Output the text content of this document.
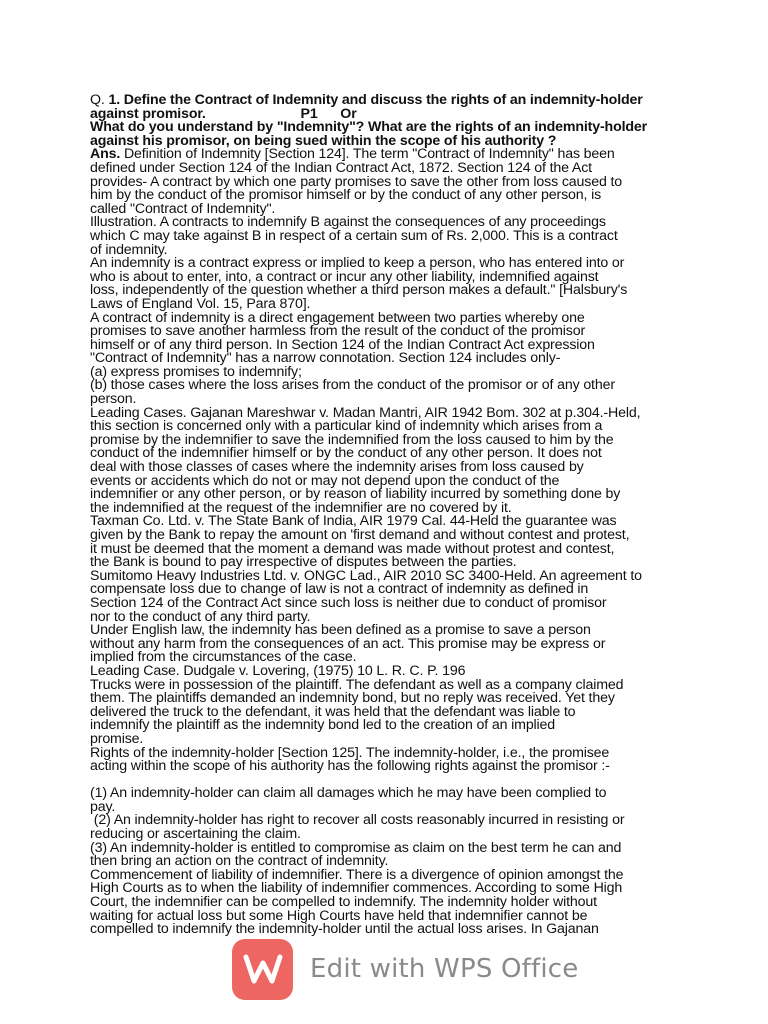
Q. 1. Define the Contract of Indemnity and discuss the rights of an indemnity-holder
against promisor.                         P1      Or
What do you understand by "Indemnity"? What are the rights of an indemnity-holder
against his promisor, on being sued within the scope of his authority ?
Ans. Definition of Indemnity [Section 124]. The term "Contract of Indemnity" has been
defined under Section 124 of the Indian Contract Act, 1872. Section 124 of the Act
provides- A contract by which one party promises to save the other from loss caused to
him by the conduct of the promisor himself or by the conduct of any other person, is
called "Contract of Indemnity".
Illustration. A contracts to indemnify B against the consequences of any proceedings
which C may take against B in respect of a certain sum of Rs. 2,000. This is a contract
of indemnity.
An indemnity is a contract express or implied to keep a person, who has entered into or
who is about to enter, into, a contract or incur any other liability, indemnified against
loss, independently of the question whether a third person makes a default." [Halsbury's
Laws of England Vol. 15, Para 870].
A contract of indemnity is a direct engagement between two parties whereby one
promises to save another harmless from the result of the conduct of the promisor
himself or of any third person. In Section 124 of the Indian Contract Act expression
"Contract of Indemnity" has a narrow connotation. Section 124 includes only-
(a) express promises to indemnify;
(b) those cases where the loss arises from the conduct of the promisor or of any other
person.
Leading Cases. Gajanan Mareshwar v. Madan Mantri, AIR 1942 Bom. 302 at p.304.-Held,
this section is concerned only with a particular kind of indemnity which arises from a
promise by the indemnifier to save the indemnified from the loss caused to him by the
conduct of the indemnifier himself or by the conduct of any other person. It does not
deal with those classes of cases where the indemnity arises from loss caused by
events or accidents which do not or may not depend upon the conduct of the
indemnifier or any other person, or by reason of liability incurred by something done by
the indemnified at the request of the indemnifier are no covered by it.
Taxman Co. Ltd. v. The State Bank of India, AIR 1979 Cal. 44-Held the guarantee was
given by the Bank to repay the amount on 'first demand and without contest and protest,
it must be deemed that the moment a demand was made without protest and contest,
the Bank is bound to pay irrespective of disputes between the parties.
Sumitomo Heavy Industries Ltd. v. ONGC Lad., AIR 2010 SC 3400-Held. An agreement to
compensate loss due to change of law is not a contract of indemnity as defined in
Section 124 of the Contract Act since such loss is neither due to conduct of promisor
nor to the conduct of any third party.
Under English law, the indemnity has been defined as a promise to save a person
without any harm from the consequences of an act. This promise may be express or
implied from the circumstances of the case.
Leading Case. Dudgale v. Lovering, (1975) 10 L. R. C. P. 196
Trucks were in possession of the plaintiff. The defendant as well as a company claimed
them. The plaintiffs demanded an indemnity bond, but no reply was received. Yet they
delivered the truck to the defendant, it was held that the defendant was liable to
indemnify the plaintiff as the indemnity bond led to the creation of an implied
promise.
Rights of the indemnity-holder [Section 125]. The indemnity-holder, i.e., the promisee
acting within the scope of his authority has the following rights against the promisor :-
(1) An indemnity-holder can claim all damages which he may have been complied to
pay.
(2) An indemnity-holder has right to recover all costs reasonably incurred in resisting or
reducing or ascertaining the claim.
(3) An indemnity-holder is entitled to compromise as claim on the best term he can and
then bring an action on the contract of indemnity.
Commencement of liability of indemnifier. There is a divergence of opinion amongst the
High Courts as to when the liability of indemnifier commences. According to some High
Court, the indemnifier can be compelled to indemnify. The indemnity holder without
waiting for actual loss but some High Courts have held that indemnifier cannot be
compelled to indemnify the indemnity-holder until the actual loss arises. In Gajanan
Edit with WPS Office
